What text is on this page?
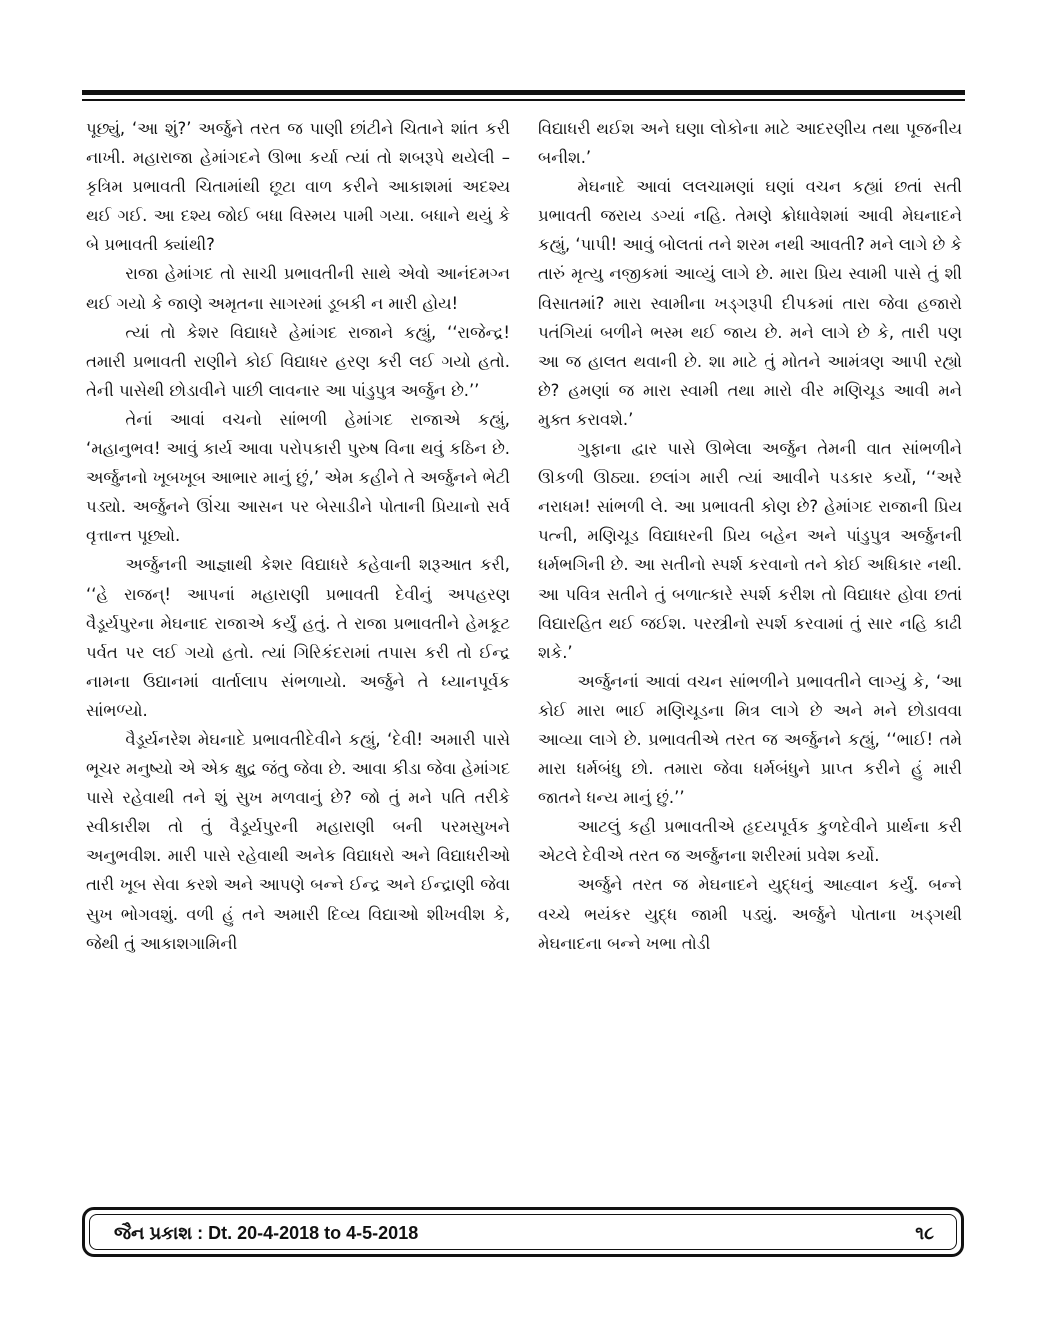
પૂછ્યું, ‘આ શું?’ અર્જુને તરત જ પાણી છાંટીને ચિતાને શાંત કરી નાખી. મહારાજા હેમાંગદને ઊભા કર્યા ત્યાં તો શબરૂપે થયેલી – કૃત્રિમ પ્રભાવતી ચિતામાંથી છૂટા વાળ કરીને આકાશમાં અદશ્ય થઈ ગઈ. આ દશ્ય જોઈ બધા વિસ્મય પામી ગયા. બધાને થયું કે બે પ્રભાવતી ક્યાંથી?

રાજા હેમાંગદ તો સાચી પ્રભાવતીની સાથે એવો આનંદમગ્ન થઈ ગયો કે જાણે અમૃતના સાગરમાં ડૂબકી ન મારી હોય!

ત્યાં તો કેશર વિદ્યાધરે હેમાંગદ રાજાને કહ્યું, ‘‘રાજેન્દ્ર! તમારી પ્રભાવતી રાણીને કોઈ વિદ્યાધર હરણ કરી લઈ ગયો હતો. તેની પાસેથી છોડાવીને પાછી લાવનાર આ પાંડુપુત્ર અર્જુન છે.’’

તેનાં આવાં વચનો સાંભળી હેમાંગદ રાજાએ કહ્યું, ‘મહાનુભવ! આવું કાર્ય આવા પરોપકારી પુરુષ વિના થવું કઠિન છે. અર્જુનનો ખૂબખૂબ આભાર માનું છું,’ એમ કહીને તે અર્જુનને ભેટી પડ્યો. અર્જુનને ઊંચા આસન પર બેસાડીને પોતાની પ્રિયાનો સર્વ વૃત્તાન્ત પૂછ્યો.

અર્જુનની આજ્ઞાથી કેશર વિદ્યાધરે કહેવાની શરૂઆત કરી, ‘‘હે રાજન્! આપનાં મહારાણી પ્રભાવતી દેવીનું અપહરણ વૈડૂર્યપુરના મેઘનાદ રાજાએ કર્યું હતું. તે રાજા પ્રભાવતીને હેમકૂટ પર્વત પર લઈ ગયો હતો. ત્યાં ગિરિકંદરામાં તપાસ કરી તો ઈન્દ્ર નામના ઉદ્યાનમાં વાર્તાલાપ સંભળાયો. અર્જુને તે ધ્યાનપૂર્વક સાંભળ્યો.

વૈડૂર્યનરેશ મેઘનાદે પ્રભાવતીદેવીને કહ્યું, ‘દેવી! અમારી પાસે ભૂચર મનુષ્યો એ એક ક્ષુદ્ર જંતુ જેવા છે. આવા કીડા જેવા હેમાંગદ પાસે રહેવાથી તને શું સુખ મળવાનું છે? જો તું મને પતિ તરીકે સ્વીકારીશ તો તું વૈડૂર્યપુરની મહારાણી બની પરમસુખને અનુભવીશ. મારી પાસે રહેવાથી અનેક વિદ્યાધરો અને વિદ્યાધરીઓ તારી ખૂબ સેવા કરશે અને આપણે બન્ને ઈન્દ્ર અને ઈન્દ્રાણી જેવા સુખ ભોગવશું. વળી હું તને અમારી દિવ્ય વિદ્યાઓ શીખવીશ કે, જેથી તું આકાશગામિની

વિદ્યાધરી થઈશ અને ઘણા લોકોના માટે આદરણીય તથા પૂજનીય બનીશ.’

મેઘનાદે આવાં લલચામણાં ઘણાં વચન કહ્યાં છતાં સતી પ્રભાવતી જરાય ડગ્યાં નહિ. તેમણે ક્રોધાવેશમાં આવી મેઘનાદને કહ્યું, ‘પાપી! આવું બોલતાં તને શરમ નથી આવતી? મને લાગે છે કે તારું મૃત્યુ નજીકમાં આવ્યું લાગે છે. મારા પ્રિય સ્વામી પાસે તું શી વિસાતમાં? મારા સ્વામીના ખડ્ગરૂપી દીપકમાં તારા જેવા હજારો પતંગિયાં બળીને ભસ્મ થઈ જાય છે. મને લાગે છે કે, તારી પણ આ જ હાલત થવાની છે. શા માટે તું મોતને આમંત્રણ આપી રહ્યો છે? હમણાં જ મારા સ્વામી તથા મારો વીર મણિચૂડ આવી મને મુક્ત કરાવશે.’

ગુફાના દ્વાર પાસે ઊભેલા અર્જુન તેમની વાત સાંભળીને ઊકળી ઊઠ્યા. છલાંગ મારી ત્યાં આવીને પડકાર કર્યો, ‘‘અરે નરાધમ! સાંભળી લે. આ પ્રભાવતી કોણ છે? હેમાંગદ રાજાની પ્રિય પત્ની, મણિચૂડ વિદ્યાધરની પ્રિય બહેન અને પાંડુપુત્ર અર્જુનની ધર્મભગિની છે. આ સતીનો સ્પર્શ કરવાનો તને કોઈ અધિકાર નથી. આ પવિત્ર સતીને તું બળાત્કારે સ્પર્શ કરીશ તો વિદ્યાધર હોવા છતાં વિદ્યારહિત થઈ જઈશ. પરસ્ત્રીનો સ્પર્શ કરવામાં તું સાર નહિ કાઢી શકે.’

અર્જુનનાં આવાં વચન સાંભળીને પ્રભાવતીને લાગ્યું કે, ‘આ કોઈ મારા ભાઈ મણિચૂડના મિત્ર લાગે છે અને મને છોડાવવા આવ્યા લાગે છે. પ્રભાવતીએ તરત જ અર્જુનને કહ્યું, ‘‘ભાઈ! તમે મારા ધર્મબંધુ છો. તમારા જેવા ધર્મબંધુને પ્રાપ્ત કરીને હું મારી જાતને ધન્ય માનું છું.’’

આટલું કહી પ્રભાવતીએ હૃદયપૂર્વક કુળદેવીને પ્રાર્થના કરી એટલે દેવીએ તરત જ અર્જુનના શરીરમાં પ્રવેશ કર્યો.

અર્જુને તરત જ મેઘનાદને યુદ્ધનું આહ્વાન કર્યું. બન્ને વચ્ચે ભયંકર યુદ્ધ જામી પડ્યું. અર્જુને પોતાના ખડ્ગથી મેઘનાદના બન્ને ખભા તોડી

જૈન પ્રકાશ : Dt. 20-4-2018 to 4-5-2018	૧૮
